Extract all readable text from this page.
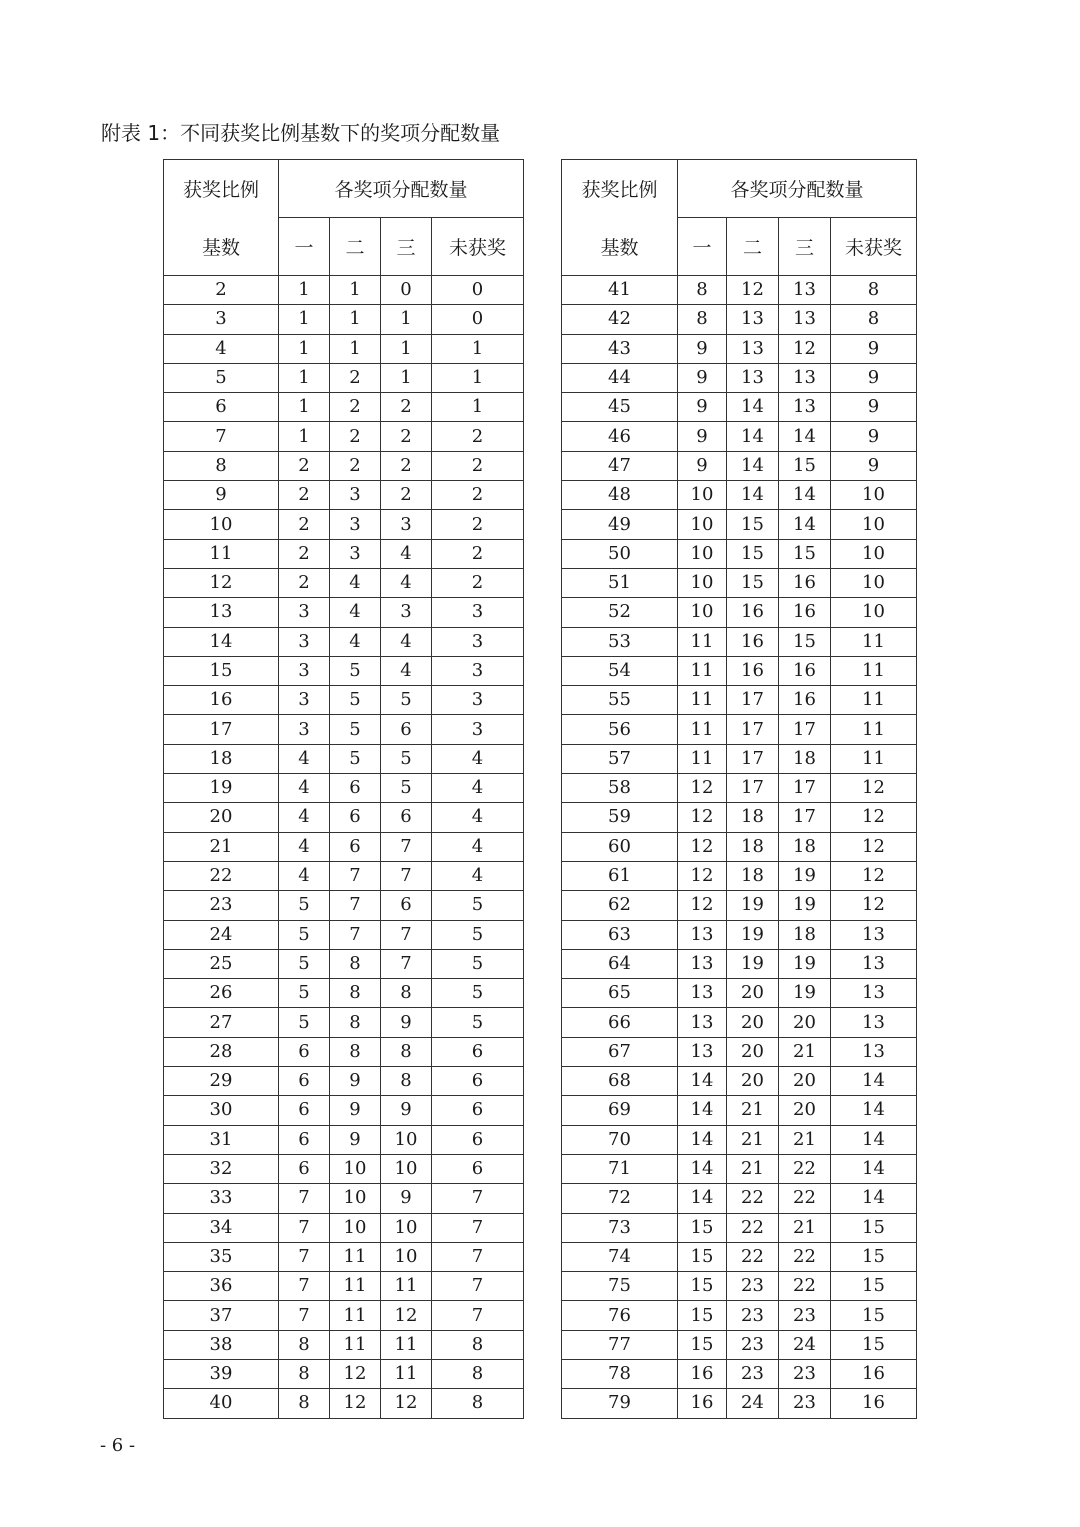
附表 1：不同获奖比例基数下的奖项分配数量
获奖比例	各奖项分配数量			
基数	一	二	三	未获奖
2	1	1	0	0
3	1	1	1	0
4	1	1	1	1
5	1	2	1	1
6	1	2	2	1
7	1	2	2	2
8	2	2	2	2
9	2	3	2	2
10	2	3	3	2
11	2	3	4	2
12	2	4	4	2
13	3	4	3	3
14	3	4	4	3
15	3	5	4	3
16	3	5	5	3
17	3	5	6	3
18	4	5	5	4
19	4	6	5	4
20	4	6	6	4
21	4	6	7	4
22	4	7	7	4
23	5	7	6	5
24	5	7	7	5
25	5	8	7	5
26	5	8	8	5
27	5	8	9	5
28	6	8	8	6
29	6	9	8	6
30	6	9	9	6
31	6	9	10	6
32	6	10	10	6
33	7	10	9	7
34	7	10	10	7
35	7	11	10	7
36	7	11	11	7
37	7	11	12	7
38	8	11	11	8
39	8	12	11	8
40	8	12	12	8
获奖比例	各奖项分配数量			
基数	一	二	三	未获奖
41	8	12	13	8
42	8	13	13	8
43	9	13	12	9
44	9	13	13	9
45	9	14	13	9
46	9	14	14	9
47	9	14	15	9
48	10	14	14	10
49	10	15	14	10
50	10	15	15	10
51	10	15	16	10
52	10	16	16	10
53	11	16	15	11
54	11	16	16	11
55	11	17	16	11
56	11	17	17	11
57	11	17	18	11
58	12	17	17	12
59	12	18	17	12
60	12	18	18	12
61	12	18	19	12
62	12	19	19	12
63	13	19	18	13
64	13	19	19	13
65	13	20	19	13
66	13	20	20	13
67	13	20	21	13
68	14	20	20	14
69	14	21	20	14
70	14	21	21	14
71	14	21	22	14
72	14	22	22	14
73	15	22	21	15
74	15	22	22	15
75	15	23	22	15
76	15	23	23	15
77	15	23	24	15
78	16	23	23	16
79	16	24	23	16
- 6 -
